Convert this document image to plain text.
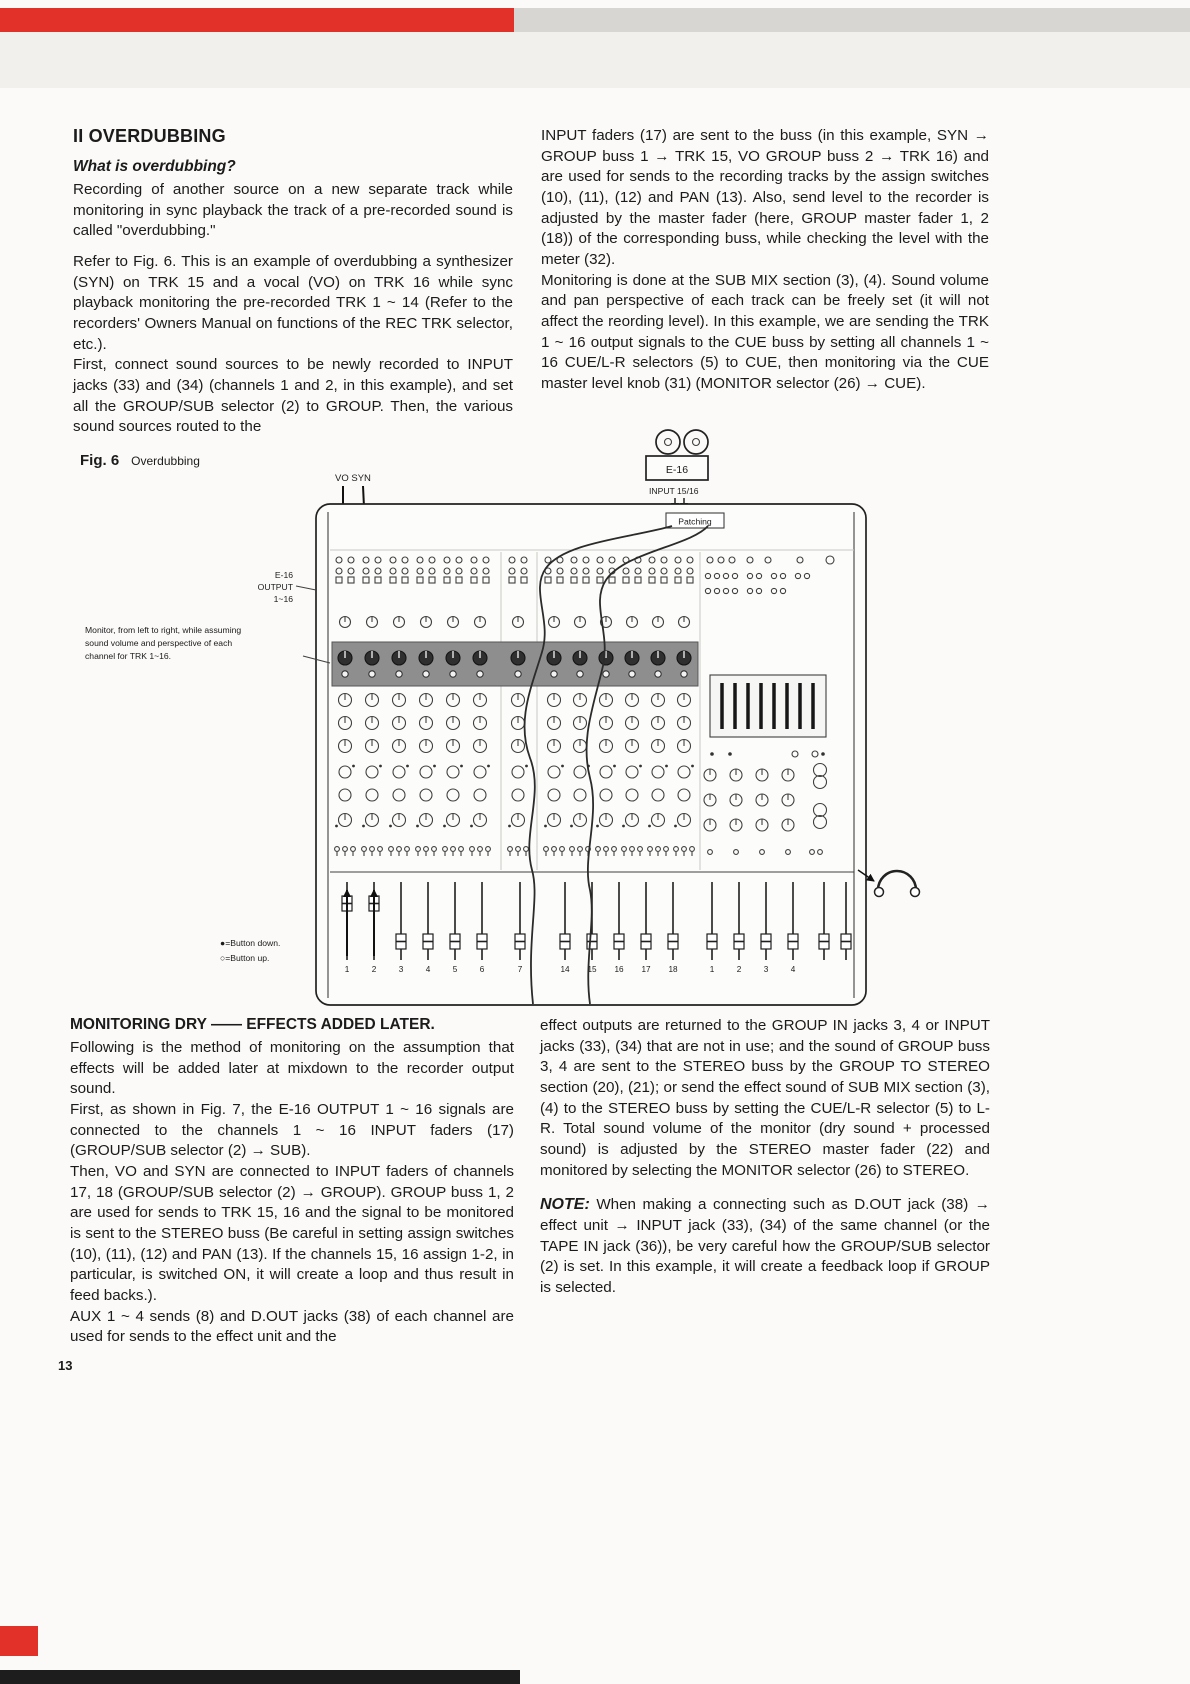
II OVERDUBBING
What is overdubbing?

Recording of another source on a new separate track while monitoring in sync playback the track of a pre-recorded sound is called "overdubbing."

Refer to Fig. 6. This is an example of overdubbing a synthesizer (SYN) on TRK 15 and a vocal (VO) on TRK 16 while sync playback monitoring the pre-recorded TRK 1 ~ 14 (Refer to the recorders' Owners Manual on functions of the REC TRK selector, etc.).

First, connect sound sources to be newly recorded to INPUT jacks (33) and (34) (channels 1 and 2, in this example), and set all the GROUP/SUB selector (2) to GROUP. Then, the various sound sources routed to the

INPUT faders (17) are sent to the buss (in this example, SYN → GROUP buss 1 → TRK 15, VO GROUP buss 2 → TRK 16) and are used for sends to the recording tracks by the assign switches (10), (11), (12) and PAN (13). Also, send level to the recorder is adjusted by the master fader (here, GROUP master fader 1, 2 (18)) of the corresponding buss, while checking the level with the meter (32).

Monitoring is done at the SUB MIX section (3), (4). Sound volume and pan perspective of each track can be freely set (it will not affect the reording level). In this example, we are sending the TRK 1 ~ 16 output signals to the CUE buss by setting all channels 1 ~ 16 CUE/L-R selectors (5) to CUE, then monitoring via the CUE master level knob (31) (MONITOR selector (26) → CUE).

Fig. 6 Overdubbing
E-16
INPUT 15/16
VO SYN
Patching
1	2	3	4	5	6	7	14 15 16 17 18	1	2	3	4
E-16
OUTPUT
1~16
Monitor, from left to right, while assuming
sound volume and perspective of each
channel for TRK 1~16.
●=Button down.
○=Button up.
MONITORING DRY —— EFFECTS ADDED LATER.

Following is the method of monitoring on the assumption that effects will be added later at mixdown to the recorder output sound.

First, as shown in Fig. 7, the E-16 OUTPUT 1 ~ 16 signals are connected to the channels 1 ~ 16 INPUT faders (17) (GROUP/SUB selector (2) → SUB).

Then, VO and SYN are connected to INPUT faders of channels 17, 18 (GROUP/SUB selector (2) → GROUP). GROUP buss 1, 2 are used for sends to TRK 15, 16 and the signal to be monitored is sent to the STEREO buss (Be careful in setting assign switches (10), (11), (12) and PAN (13). If the channels 15, 16 assign 1-2, in particular, is switched ON, it will create a loop and thus result in feed backs.).

AUX 1 ~ 4 sends (8) and D.OUT jacks (38) of each channel are used for sends to the effect unit and the

effect outputs are returned to the GROUP IN jacks 3, 4 or INPUT jacks (33), (34) that are not in use; and the sound of GROUP buss 3, 4 are sent to the STEREO buss by the GROUP TO STEREO section (20), (21); or send the effect sound of SUB MIX section (3), (4) to the STEREO buss by setting the CUE/L-R selector (5) to L-R. Total sound volume of the monitor (dry sound + processed sound) is adjusted by the STEREO master fader (22) and monitored by selecting the MONITOR selector (26) to STEREO.

NOTE: When making a connecting such as D.OUT jack (38) → effect unit → INPUT jack (33), (34) of the same channel (or the TAPE IN jack (36)), be very careful how the GROUP/SUB selector (2) is set. In this example, it will create a feedback loop if GROUP is selected.

13
